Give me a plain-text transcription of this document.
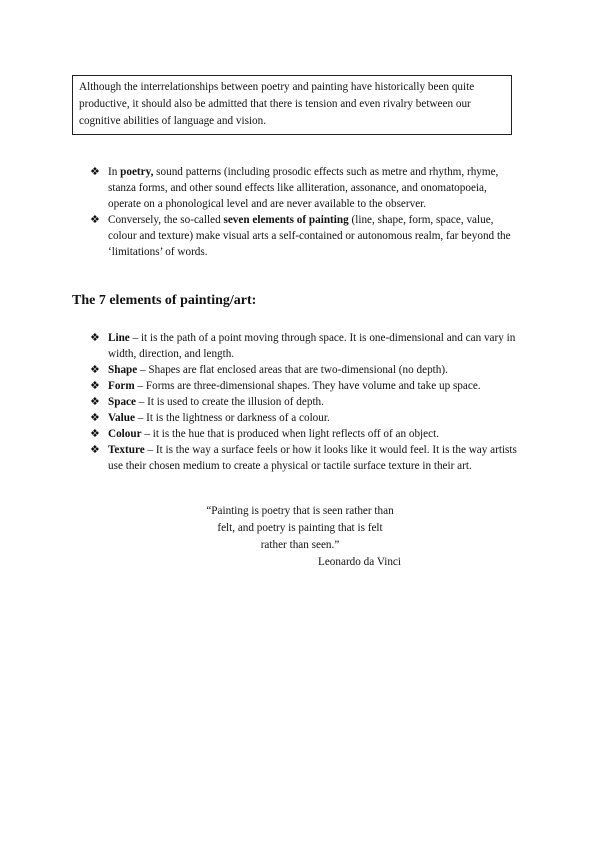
Although the interrelationships between poetry and painting have historically been quite productive, it should also be admitted that there is tension and even rivalry between our cognitive abilities of language and vision.
❖ In poetry, sound patterns (including prosodic effects such as metre and rhythm, rhyme, stanza forms, and other sound effects like alliteration, assonance, and onomatopoeia, operate on a phonological level and are never available to the observer.
❖ Conversely, the so-called seven elements of painting (line, shape, form, space, value, colour and texture) make visual arts a self-contained or autonomous realm, far beyond the ‘limitations’ of words.
The 7 elements of painting/art:
❖ Line – it is the path of a point moving through space. It is one-dimensional and can vary in width, direction, and length.
❖ Shape – Shapes are flat enclosed areas that are two-dimensional (no depth).
❖ Form – Forms are three-dimensional shapes. They have volume and take up space.
❖ Space – It is used to create the illusion of depth.
❖ Value – It is the lightness or darkness of a colour.
❖ Colour – it is the hue that is produced when light reflects off of an object.
❖ Texture – It is the way a surface feels or how it looks like it would feel. It is the way artists use their chosen medium to create a physical or tactile surface texture in their art.
“Painting is poetry that is seen rather than
felt, and poetry is painting that is felt
rather than seen.”
Leonardo da Vinci
